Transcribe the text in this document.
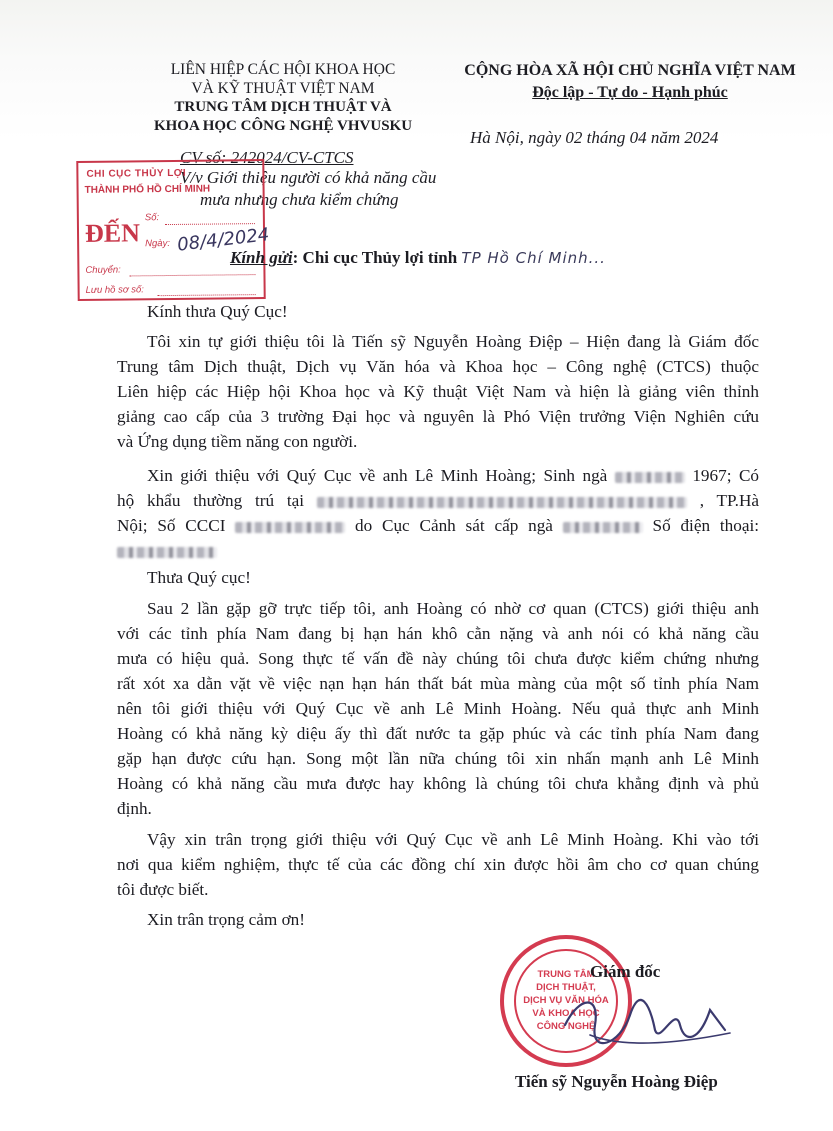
LIÊN HIỆP CÁC HỘI KHOA HỌC
VÀ KỸ THUẬT VIỆT NAM
TRUNG TÂM DỊCH THUẬT VÀ
KHOA HỌC CÔNG NGHỆ VHVUSKU
CỘNG HÒA XÃ HỘI CHỦ NGHĨA VIỆT NAM
Độc lập - Tự do - Hạnh phúc
Hà Nội, ngày 02 tháng 04 năm 2024
CV số: 242024/CV-CTCS
V/v Giới thiệu người có khả năng cầu
mưa nhưng chưa kiểm chứng
CHI CỤC THỦY LỢI
THÀNH PHỐ HỒ CHÍ MINH
ĐẾN
Số:
Ngày: 08/4/2024
Chuyển:
Lưu hồ sơ số:
Kính gửi: Chi cục Thủy lợi tỉnh TP Hồ Chí Minh...
Kính thưa Quý Cục!
Tôi xin tự giới thiệu tôi là Tiến sỹ Nguyễn Hoàng Điệp – Hiện đang là Giám đốc
Trung tâm Dịch thuật, Dịch vụ Văn hóa và Khoa học – Công nghệ (CTCS) thuộc
Liên hiệp các Hiệp hội Khoa học và Kỹ thuật Việt Nam và hiện là giảng viên thỉnh
giảng cao cấp của 3 trường Đại học và nguyên là Phó Viện trưởng Viện Nghiên cứu
và Ứng dụng tiềm năng con người.
Xin giới thiệu với Quý Cục về anh Lê Minh Hoàng; Sinh ngà	1967; Có
hộ khẩu thường trú tại	, TP.Hà
Nội; Số CCCI	do Cục Cảnh sát cấp ngà	Số điện thoại:
Thưa Quý cục!
Sau 2 lần gặp gỡ trực tiếp tôi, anh Hoàng có nhờ cơ quan (CTCS) giới thiệu anh
với các tỉnh phía Nam đang bị hạn hán khô cằn nặng và anh nói có khả năng cầu
mưa có hiệu quả. Song thực tế vấn đề này chúng tôi chưa được kiểm chứng nhưng
rất xót xa dằn vặt về việc nạn hạn hán thất bát mùa màng của một số tỉnh phía Nam
nên tôi giới thiệu với Quý Cục về anh Lê Minh Hoàng. Nếu quả thực anh Minh
Hoàng có khả năng kỳ diệu ấy thì đất nước ta gặp phúc và các tỉnh phía Nam đang
gặp hạn được cứu hạn. Song một lần nữa chúng tôi xin nhấn mạnh anh Lê Minh
Hoàng có khả năng cầu mưa được hay không là chúng tôi chưa khẳng định và phủ
định.
Vậy xin trân trọng giới thiệu với Quý Cục về anh Lê Minh Hoàng. Khi vào tới
nơi qua kiểm nghiệm, thực tế của các đồng chí xin được hồi âm cho cơ quan chúng
tôi được biết.
Xin trân trọng cảm ơn!
TRUNG TÂM
DỊCH THUẬT,
DỊCH VỤ VĂN HÓA
VÀ KHOA HỌC
CÔNG NGHỆ
Giám đốc
Tiến sỹ Nguyễn Hoàng Điệp
